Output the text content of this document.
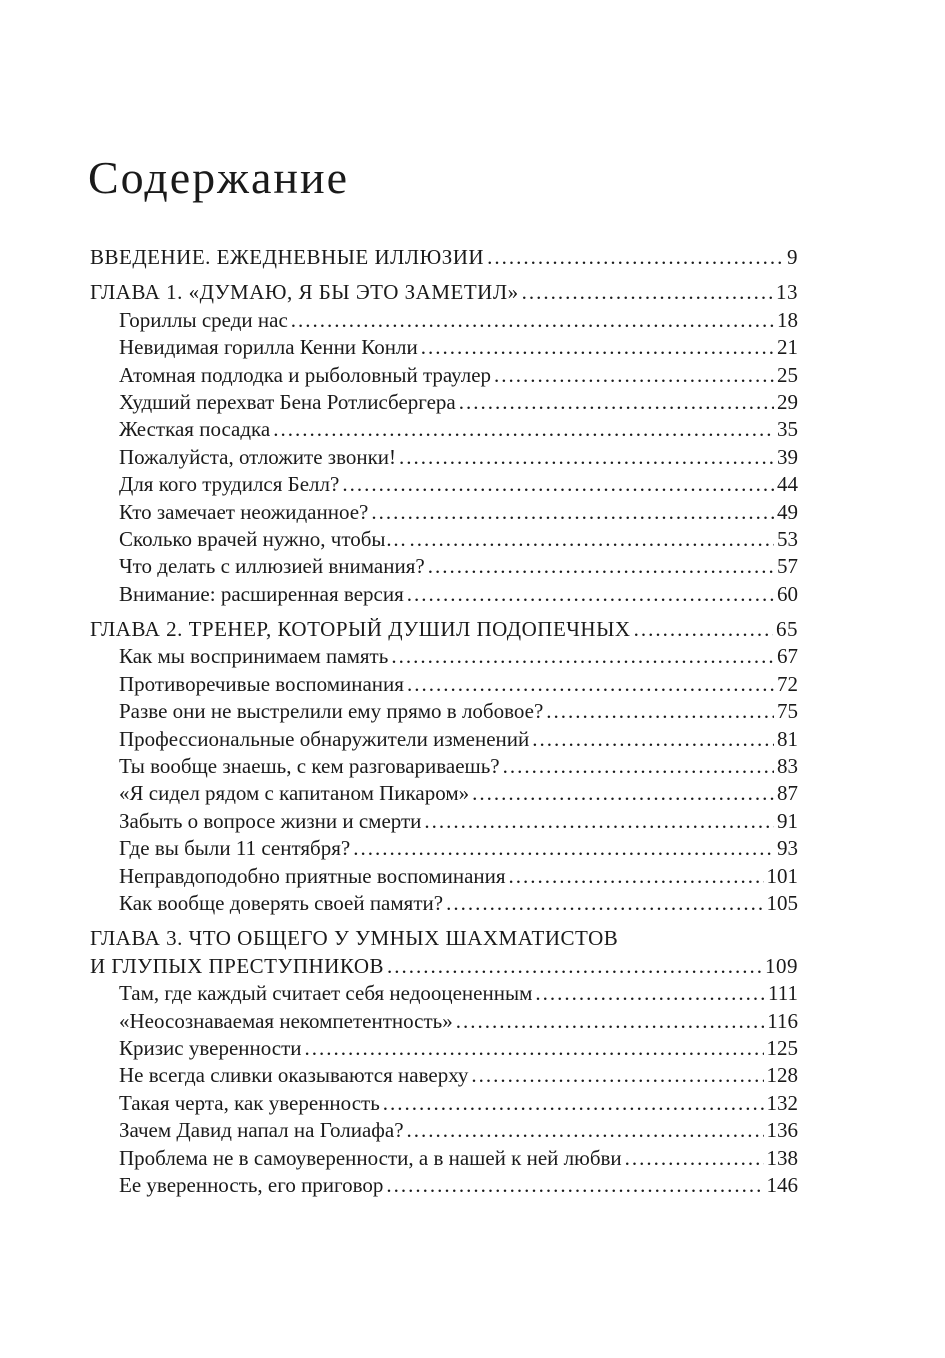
Содержание
ВВЕДЕНИЕ. ЕЖЕДНЕВНЫЕ ИЛЛЮЗИИ .....	9
ГЛАВА 1. «ДУМАЮ, Я БЫ ЭТО ЗАМЕТИЛ» .....	13
Гориллы среди нас .....	18
Невидимая горилла Кенни Конли .....	21
Атомная подлодка и рыболовный траулер .....	25
Худший перехват Бена Ротлисбергера .....	29
Жесткая посадка .....	35
Пожалуйста, отложите звонки! .....	39
Для кого трудился Белл? .....	44
Кто замечает неожиданное? .....	49
Сколько врачей нужно, чтобы… .....	53
Что делать с иллюзией внимания? .....	57
Внимание: расширенная версия .....	60
ГЛАВА 2. ТРЕНЕР, КОТОРЫЙ ДУШИЛ ПОДОПЕЧНЫХ .....	65
Как мы воспринимаем память .....	67
Противоречивые воспоминания .....	72
Разве они не выстрелили ему прямо в лобовое? .....	75
Профессиональные обнаружители изменений .....	81
Ты вообще знаешь, с кем разговариваешь? .....	83
«Я сидел рядом с капитаном Пикаром» .....	87
Забыть о вопросе жизни и смерти .....	91
Где вы были 11 сентября? .....	93
Неправдоподобно приятные воспоминания .....	101
Как вообще доверять своей памяти? .....	105
ГЛАВА 3. ЧТО ОБЩЕГО У УМНЫХ ШАХМАТИСТОВ
И ГЛУПЫХ ПРЕСТУПНИКОВ .....	109
Там, где каждый считает себя недооцененным .....	111
«Неосознаваемая некомпетентность» .....	116
Кризис уверенности .....	125
Не всегда сливки оказываются наверху .....	128
Такая черта, как уверенность .....	132
Зачем Давид напал на Голиафа? .....	136
Проблема не в самоуверенности, а в нашей к ней любви .....	138
Ее уверенность, его приговор .....	146
